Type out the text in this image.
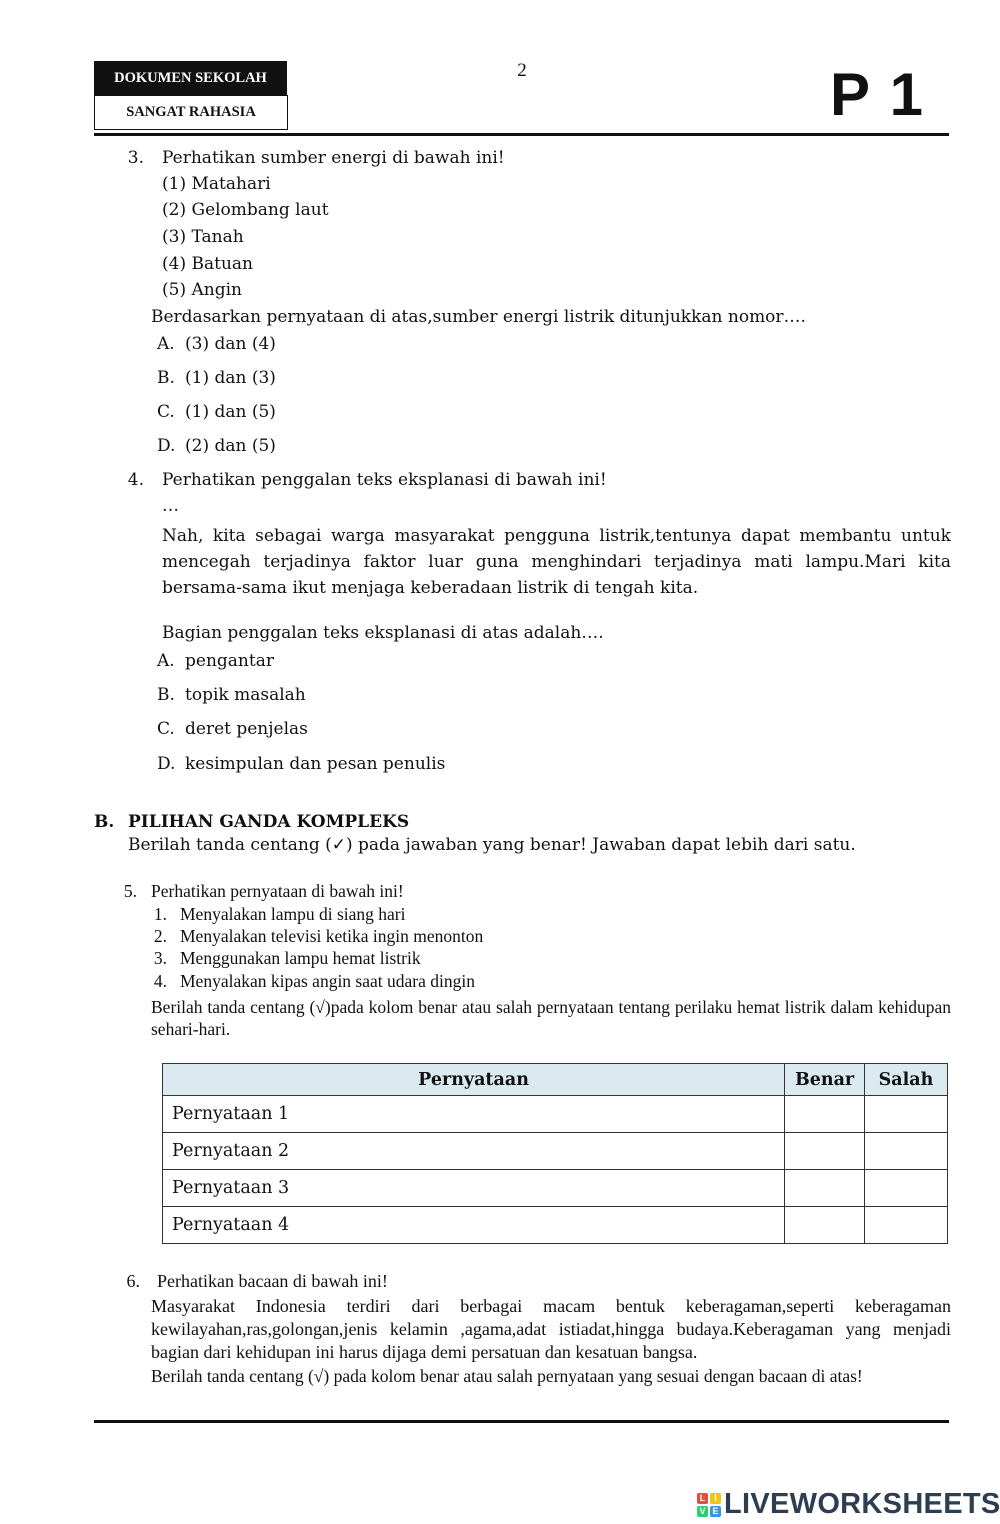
DOKUMEN SEKOLAH
SANGAT RAHASIA
2	P 1
3. Perhatikan sumber energi di bawah ini!
(1) Matahari
(2) Gelombang laut
(3) Tanah
(4) Batuan
(5) Angin
Berdasarkan pernyataan di atas,sumber energi listrik ditunjukkan nomor….
A. (3) dan (4)
B. (1) dan (3)
C. (1) dan (5)
D. (2) dan (5)
4. Perhatikan penggalan teks eksplanasi di bawah ini!
…
Nah, kita sebagai warga masyarakat pengguna listrik,tentunya dapat membantu untuk mencegah terjadinya faktor luar guna menghindari terjadinya mati lampu.Mari kita bersama-sama ikut menjaga keberadaan listrik di tengah kita.
Bagian penggalan teks eksplanasi di atas adalah….
A. pengantar
B. topik masalah
C. deret penjelas
D. kesimpulan dan pesan penulis
B. PILIHAN GANDA KOMPLEKS
Berilah tanda centang (✓) pada jawaban yang benar! Jawaban dapat lebih dari satu.
5. Perhatikan pernyataan di bawah ini!
1. Menyalakan lampu di siang hari
2. Menyalakan televisi ketika ingin menonton
3. Menggunakan lampu hemat listrik
4. Menyalakan kipas angin saat udara dingin
Berilah tanda centang (√)pada kolom benar atau salah pernyataan tentang perilaku hemat listrik dalam kehidupan sehari-hari.
Pernyataan	Benar	Salah
Pernyataan 1		
Pernyataan 2		
Pernyataan 3		
Pernyataan 4		
6. Perhatikan bacaan di bawah ini!
Masyarakat Indonesia terdiri dari berbagai macam bentuk keberagaman,seperti keberagaman kewilayahan,ras,golongan,jenis kelamin ,agama,adat istiadat,hingga budaya.Keberagaman yang menjadi bagian dari kehidupan ini harus dijaga demi persatuan dan kesatuan bangsa.
Berilah tanda centang (√) pada kolom benar atau salah pernyataan yang sesuai dengan bacaan di atas!
L I
V E LIVEWORKSHEETS
